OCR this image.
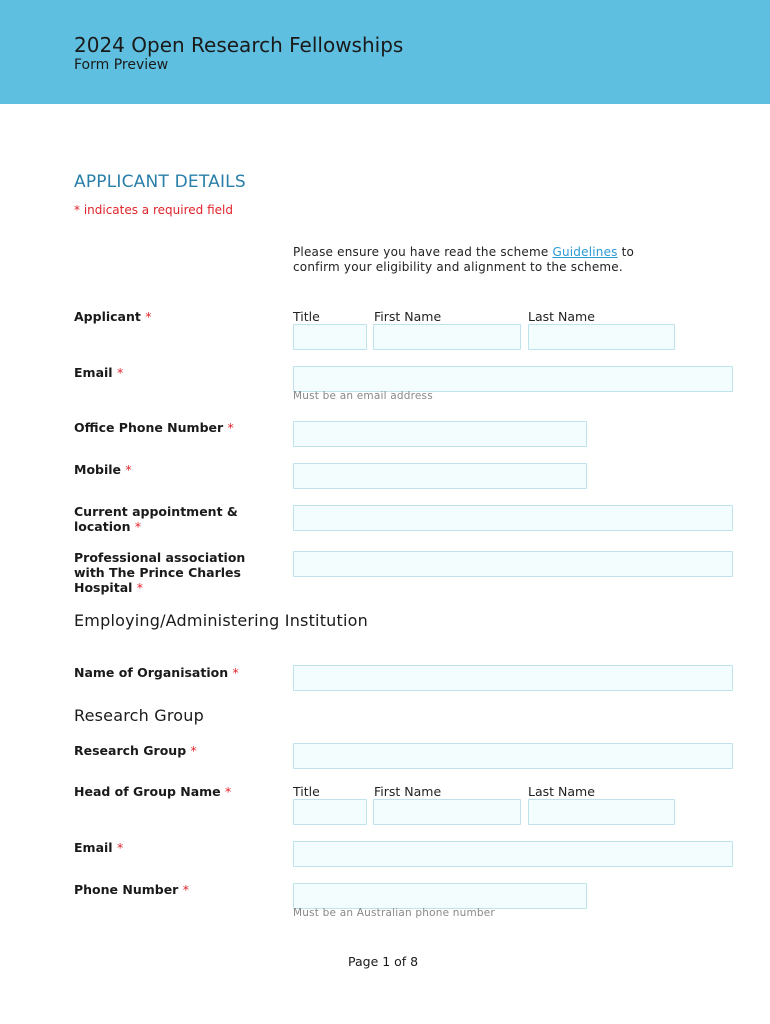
2024 Open Research Fellowships
Form Preview
APPLICANT DETAILS
* indicates a required field
Please ensure you have read the scheme Guidelines to confirm your eligibility and alignment to the scheme.
Applicant *	Title	First Name	Last Name
Email *
Must be an email address
Office Phone Number *
Mobile *
Current appointment & location *
Professional association with The Prince Charles Hospital *
Employing/Administering Institution
Name of Organisation *
Research Group
Research Group *
Head of Group Name *	Title	First Name	Last Name
Email *
Phone Number *
Must be an Australian phone number
Page 1 of 8
